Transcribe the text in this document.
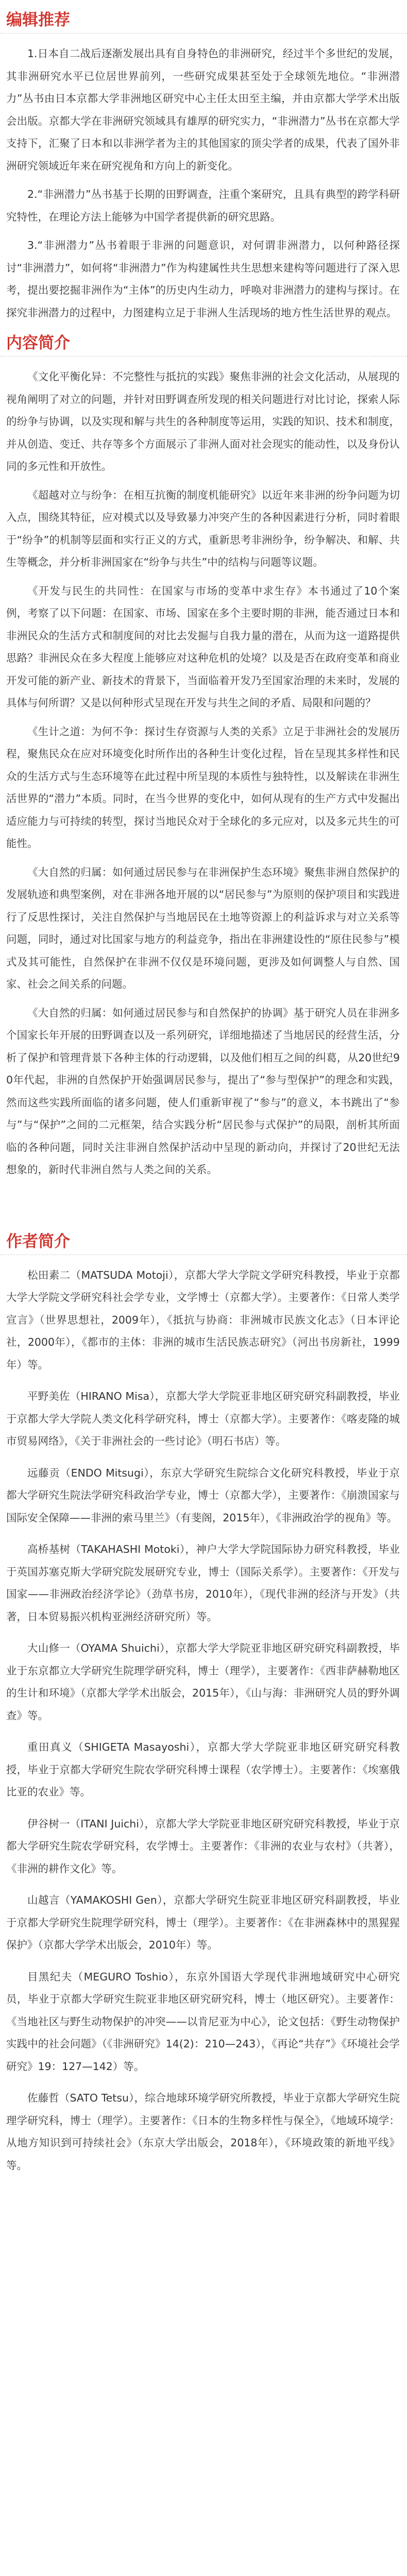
编辑推荐

1.日本自二战后逐渐发展出具有自身特色的非洲研究，经过半个多世纪的发展，其非洲研究水平已位居世界前列，一些研究成果甚至处于全球领先地位。“非洲潜力”丛书由日本京都大学非洲地区研究中心主任太田至主编，并由京都大学学术出版会出版。京都大学在非洲研究领域具有雄厚的研究实力，“非洲潜力”丛书在京都大学支持下，汇聚了日本和以非洲学者为主的其他国家的顶尖学者的成果，代表了国外非洲研究领域近年来在研究视角和方向上的新变化。

2.“非洲潜力”丛书基于长期的田野调查，注重个案研究，且具有典型的跨学科研究特性，在理论方法上能够为中国学者提供新的研究思路。

3.“非洲潜力”丛书着眼于非洲的问题意识，对何谓非洲潜力，以何种路径探讨“非洲潜力”，如何将“非洲潜力”作为构建属性共生思想来建构等问题进行了深入思考，提出要挖掘非洲作为“主体”的历史内生动力，呼唤对非洲潜力的建构与探讨。在探究非洲潜力的过程中，力图建构立足于非洲人生活现场的地方性生活世界的观点。

内容简介

《文化平衡化异：不完整性与抵抗的实践》聚焦非洲的社会文化活动，从展现的视角阐明了对立的问题，并针对田野调查所发现的相关问题进行对比讨论，探索人际的纷争与协调，以及实现和解与共生的各种制度等运用，实践的知识、技术和制度，并从创造、变迁、共存等多个方面展示了非洲人面对社会现实的能动性，以及身份认同的多元性和开放性。

《超越对立与纷争：在相互抗衡的制度机能研究》以近年来非洲的纷争问题为切入点，围绕其特征，应对模式以及导致暴力冲突产生的各种因素进行分析，同时着眼于“纷争”的机制等层面和实行正义的方式，重新思考非洲纷争，纷争解决、和解、共生等概念，并分析非洲国家在“纷争与共生”中的结构与问题等议题。

《开发与民生的共同性：在国家与市场的变革中求生存》本书通过了10个案例，考察了以下问题：在国家、市场、国家在多个主要时期的非洲，能否通过日本和非洲民众的生活方式和制度间的对比去发掘与自我力量的潜在，从而为这一道路提供思路？非洲民众在多大程度上能够应对这种危机的处境？以及是否在政府变革和商业开发可能的新产业、新技术的背景下，当面临着开发乃至国家治理的未来时，发展的具体与何所谓？又是以何种形式呈现在开发与共生之间的矛盾、局限和问题的？

《生计之道：为何不争：探讨生存资源与人类的关系》立足于非洲社会的发展历程，聚焦民众在应对环境变化时所作出的各种生计变化过程，旨在呈现其多样性和民众的生活方式与生态环境等在此过程中所呈现的本质性与独特性，以及解读在非洲生活世界的“潜力”本质。同时，在当今世界的变化中，如何从现有的生产方式中发掘出适应能力与可持续的转型，探讨当地民众对于全球化的多元应对，以及多元共生的可能性。

《大自然的归属：如何通过居民参与在非洲保护生态环境》聚焦非洲自然保护的发展轨迹和典型案例，对在非洲各地开展的以“居民参与”为原则的保护项目和实践进行了反思性探讨，关注自然保护与当地居民在土地等资源上的利益诉求与对立关系等问题，同时，通过对比国家与地方的利益竞争，指出在非洲建设性的“原住民参与”模式及其可能性，自然保护在非洲不仅仅是环境问题，更涉及如何调整人与自然、国家、社会之间关系的问题。

《大自然的归属：如何通过居民参与和自然保护的协调》基于研究人员在非洲多个国家长年开展的田野调查以及一系列研究，详细地描述了当地居民的经营生活，分析了保护和管理背景下各种主体的行动逻辑，以及他们相互之间的纠葛，从20世纪90年代起，非洲的自然保护开始强调居民参与，提出了“参与型保护”的理念和实践，然而这些实践所面临的诸多问题，使人们重新审视了“参与”的意义，本书跳出了“参与”与“保护”之间的二元框架，结合实践分析“居民参与式保护”的局限，剖析其所面临的各种问题，同时关注非洲自然保护活动中呈现的新动向，并探讨了20世纪无法想象的，新时代非洲自然与人类之间的关系。

作者简介

松田素二（MATSUDA Motoji），京都大学大学院文学研究科教授，毕业于京都大学大学院文学研究科社会学专业，文学博士（京都大学）。主要著作：《日常人类学宣言》（世界思想社，2009年），《抵抗与协商：非洲城市民族文化志》（日本评论社，2000年），《都市的主体：非洲的城市生活民族志研究》（河出书房新社，1999年）等。

平野美佐（HIRANO Misa），京都大学大学院亚非地区研究研究科副教授，毕业于京都大学大学院人类文化科学研究科，博士（京都大学）。主要著作：《喀麦隆的城市贸易网络》，《关于非洲社会的一些讨论》（明石书店）等。

远藤贡（ENDO Mitsugi），东京大学研究生院综合文化研究科教授，毕业于京都大学研究生院法学研究科政治学专业，博士（京都大学），主要著作：《崩溃国家与国际安全保障——非洲的索马里兰》（有斐阁，2015年），《非洲政治学的视角》等。

高桥基树（TAKAHASHI Motoki），神户大学大学院国际协力研究科教授，毕业于英国苏塞克斯大学研究院发展研究专业，博士（国际关系学）。主要著作：《开发与国家——非洲政治经济学论》（劲草书房，2010年），《现代非洲的经济与开发》（共著，日本贸易振兴机构亚洲经济研究所）等。

大山修一（OYAMA Shuichi），京都大学大学院亚非地区研究研究科副教授，毕业于东京都立大学研究生院理学研究科，博士（理学），主要著作：《西非萨赫勒地区的生计和环境》（京都大学学术出版会，2015年），《山与海：非洲研究人员的野外调查》等。

重田真义（SHIGETA Masayoshi），京都大学大学院亚非地区研究研究科教授，毕业于京都大学研究生院农学研究科博士课程（农学博士）。主要著作：《埃塞俄比亚的农业》等。

伊谷树一（ITANI Juichi），京都大学大学院亚非地区研究研究科教授，毕业于京都大学研究生院农学研究科，农学博士。主要著作：《非洲的农业与农村》（共著），《非洲的耕作文化》等。

山越言（YAMAKOSHI Gen），京都大学研究生院亚非地区研究科副教授，毕业于京都大学研究生院理学研究科，博士（理学）。主要著作：《在非洲森林中的黑猩猩保护》（京都大学学术出版会，2010年）等。

目黑纪夫（MEGURO Toshio），东京外国语大学现代非洲地域研究中心研究员，毕业于京都大学研究生院亚非地区研究研究科，博士（地区研究）。主要著作：《当地社区与野生动物保护的冲突——以肯尼亚为中心》，论文包括：《野生动物保护实践中的社会问题》（《非洲研究》14(2)：210—243），《再论“共存”》《环境社会学研究》19：127—142）等。

佐藤哲（SATO Tetsu），综合地球环境学研究所教授，毕业于京都大学研究生院理学研究科，博士（理学）。主要著作：《日本的生物多样性与保全》，《地域环境学：从地方知识到可持续社会》（东京大学出版会，2018年），《环境政策的新地平线》等。
